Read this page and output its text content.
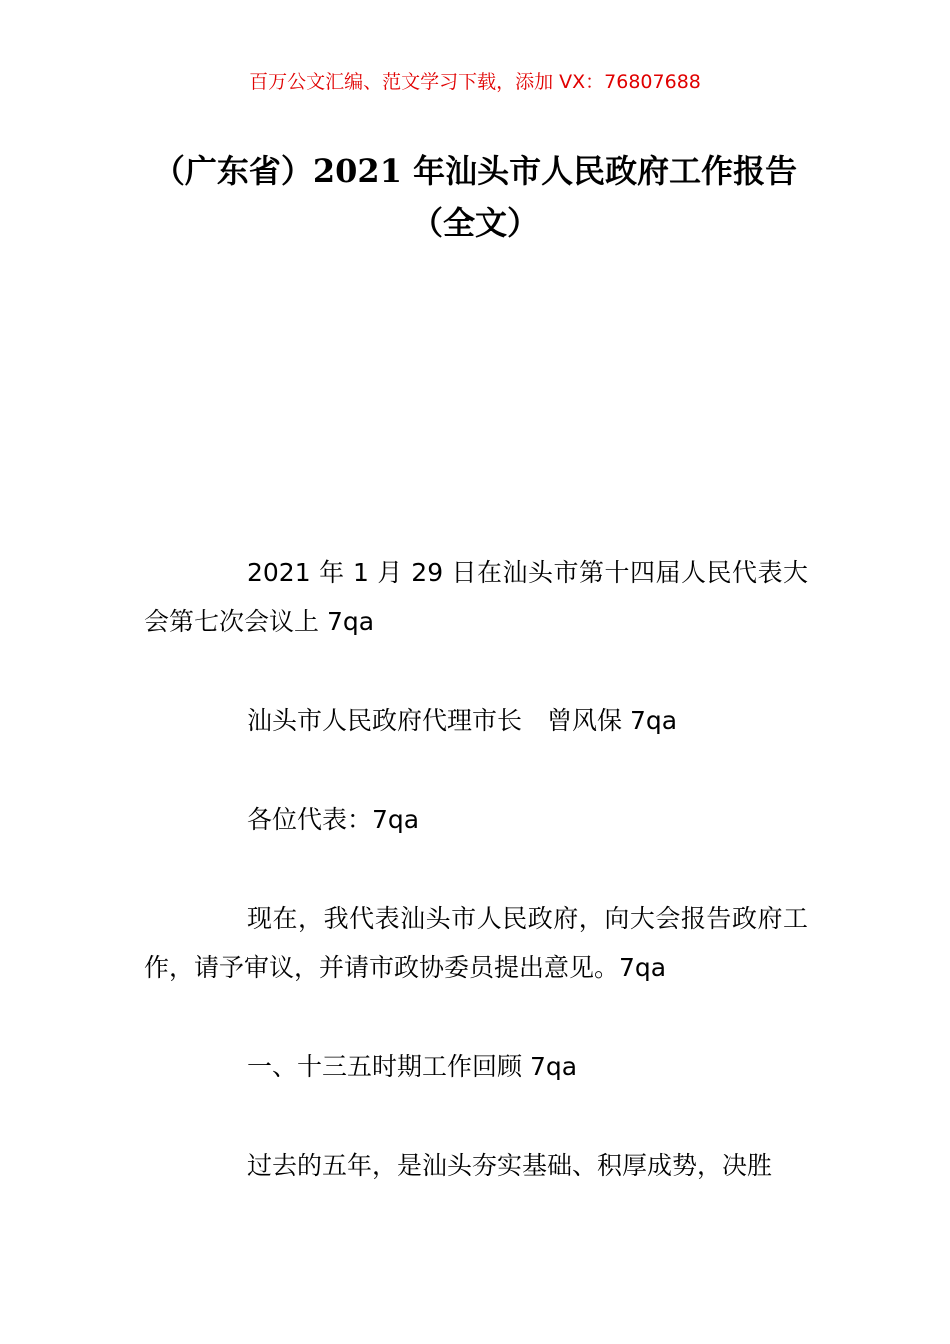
百万公文汇编、范文学习下载，添加 VX：76807688
（广东省）2021 年汕头市人民政府工作报告（全文）

2021 年 1 月 29 日在汕头市第十四届人民代表大会第七次会议上 7qa

汕头市人民政府代理市长　曾风保 7qa

各位代表：7qa

现在，我代表汕头市人民政府，向大会报告政府工作，请予审议，并请市政协委员提出意见。7qa

一、十三五时期工作回顾 7qa

过去的五年，是汕头夯实基础、积厚成势，决胜
